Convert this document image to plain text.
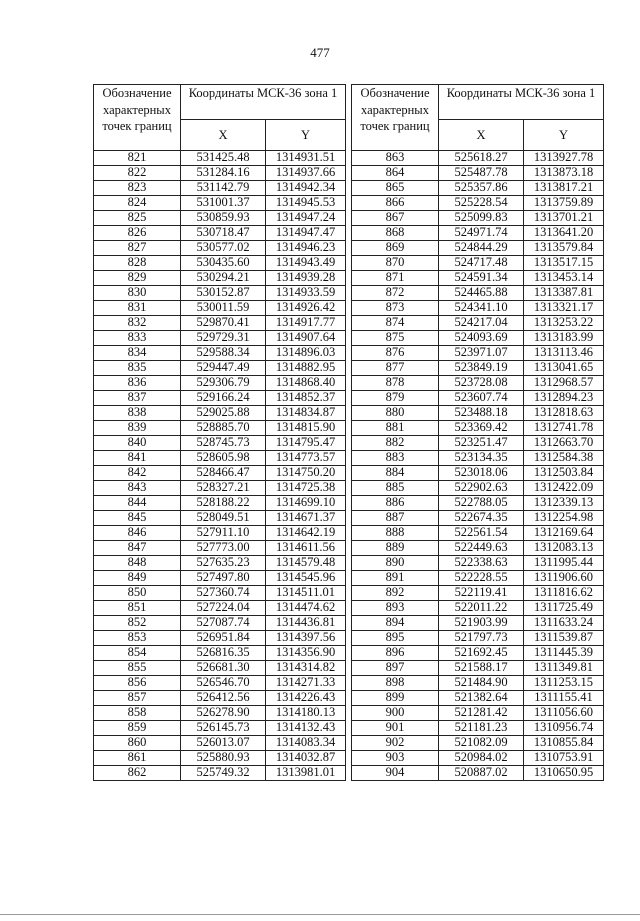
477
Обозначение характерных точек границ	Координаты МСК-36 зона 1	
	X	Y
821	531425.48	1314931.51
822	531284.16	1314937.66
823	531142.79	1314942.34
824	531001.37	1314945.53
825	530859.93	1314947.24
826	530718.47	1314947.47
827	530577.02	1314946.23
828	530435.60	1314943.49
829	530294.21	1314939.28
830	530152.87	1314933.59
831	530011.59	1314926.42
832	529870.41	1314917.77
833	529729.31	1314907.64
834	529588.34	1314896.03
835	529447.49	1314882.95
836	529306.79	1314868.40
837	529166.24	1314852.37
838	529025.88	1314834.87
839	528885.70	1314815.90
840	528745.73	1314795.47
841	528605.98	1314773.57
842	528466.47	1314750.20
843	528327.21	1314725.38
844	528188.22	1314699.10
845	528049.51	1314671.37
846	527911.10	1314642.19
847	527773.00	1314611.56
848	527635.23	1314579.48
849	527497.80	1314545.96
850	527360.74	1314511.01
851	527224.04	1314474.62
852	527087.74	1314436.81
853	526951.84	1314397.56
854	526816.35	1314356.90
855	526681.30	1314314.82
856	526546.70	1314271.33
857	526412.56	1314226.43
858	526278.90	1314180.13
859	526145.73	1314132.43
860	526013.07	1314083.34
861	525880.93	1314032.87
862	525749.32	1313981.01
Обозначение характерных точек границ	Координаты МСК-36 зона 1	
	X	Y
863	525618.27	1313927.78
864	525487.78	1313873.18
865	525357.86	1313817.21
866	525228.54	1313759.89
867	525099.83	1313701.21
868	524971.74	1313641.20
869	524844.29	1313579.84
870	524717.48	1313517.15
871	524591.34	1313453.14
872	524465.88	1313387.81
873	524341.10	1313321.17
874	524217.04	1313253.22
875	524093.69	1313183.99
876	523971.07	1313113.46
877	523849.19	1313041.65
878	523728.08	1312968.57
879	523607.74	1312894.23
880	523488.18	1312818.63
881	523369.42	1312741.78
882	523251.47	1312663.70
883	523134.35	1312584.38
884	523018.06	1312503.84
885	522902.63	1312422.09
886	522788.05	1312339.13
887	522674.35	1312254.98
888	522561.54	1312169.64
889	522449.63	1312083.13
890	522338.63	1311995.44
891	522228.55	1311906.60
892	522119.41	1311816.62
893	522011.22	1311725.49
894	521903.99	1311633.24
895	521797.73	1311539.87
896	521692.45	1311445.39
897	521588.17	1311349.81
898	521484.90	1311253.15
899	521382.64	1311155.41
900	521281.42	1311056.60
901	521181.23	1310956.74
902	521082.09	1310855.84
903	520984.02	1310753.91
904	520887.02	1310650.95
